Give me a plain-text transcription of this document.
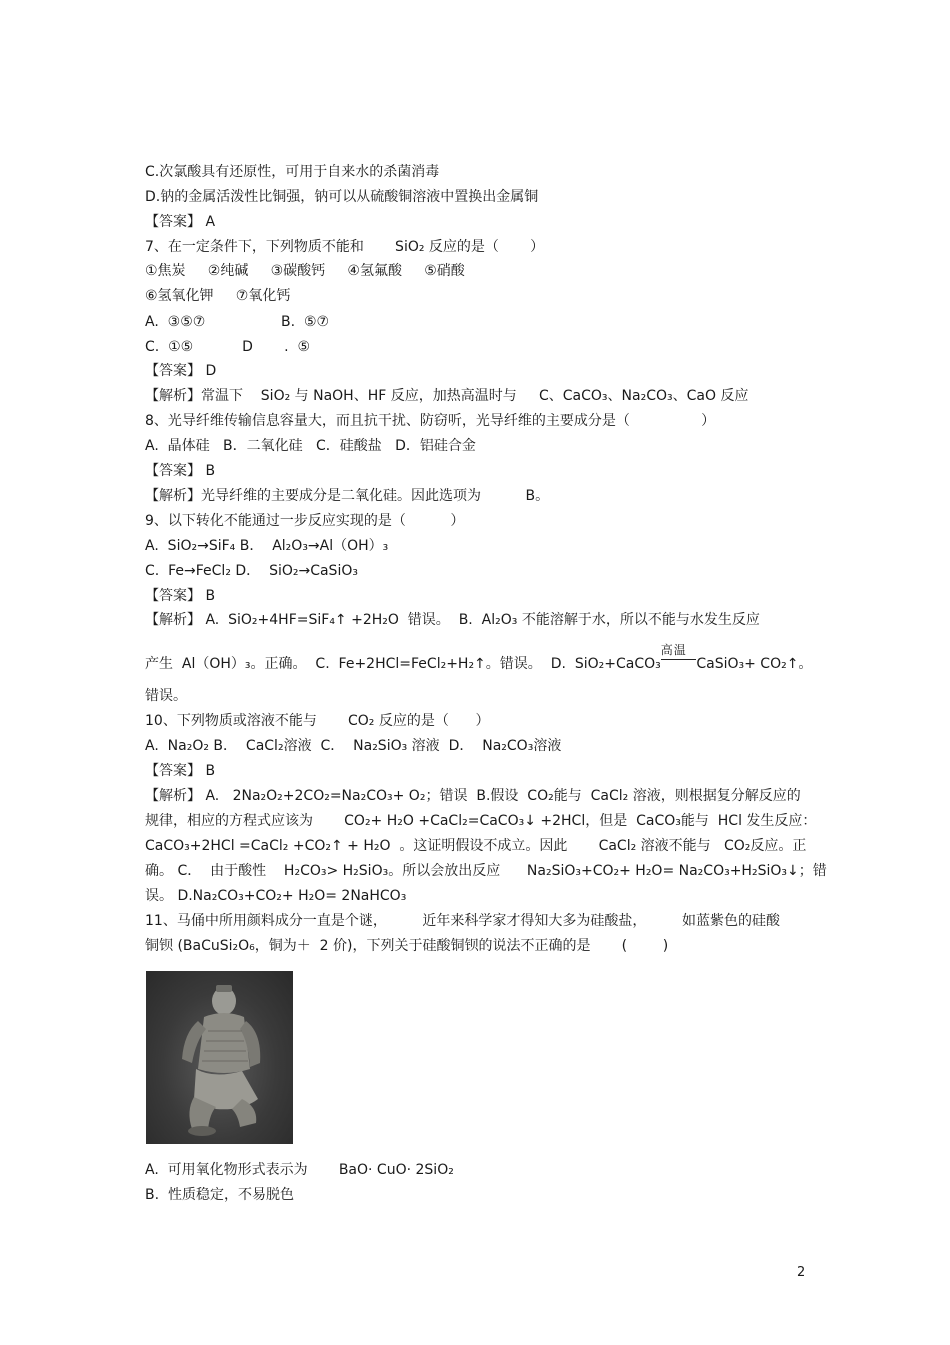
C.次氯酸具有还原性，可用于自来水的杀菌消毒
D.钠的金属活泼性比铜强，钠可以从硫酸铜溶液中置换出金属铜
【答案】 A
7、在一定条件下，下列物质不能和       SiO₂ 反应的是（       ）
①焦炭     ②纯碱     ③碳酸钙     ④氢氟酸     ⑤硝酸
⑥氢氧化钾     ⑦氧化钙
A.  ③⑤⑦                 B.  ⑤⑦
C.  ①⑤           D       .  ⑤
【答案】 D
【解析】常温下    SiO₂ 与 NaOH、HF 反应，加热高温时与     C、CaCO₃、Na₂CO₃、CaO 反应
8、光导纤维传输信息容量大，而且抗干扰、防窃听，光导纤维的主要成分是（                ）
A.  晶体硅   B．二氧化硅   C．硅酸盐   D．铝硅合金
【答案】 B
【解析】光导纤维的主要成分是二氧化硅。因此选项为          B。
9、以下转化不能通过一步反应实现的是（          ）
A.  SiO₂→SiF₄ B．  Al₂O₃→Al（OH）₃
C.  Fe→FeCl₂ D．  SiO₂→CaSiO₃
【答案】 B
【解析】 A.  SiO₂+4HF=SiF₄↑ +2H₂O  错误。  B.  Al₂O₃ 不能溶解于水，所以不能与水发生反应
产生  Al（OH）₃。正确。  C.  Fe+2HCl=FeCl₂+H₂↑。错误。  D.  SiO₂+CaCO₃
高温
CaSiO₃+ CO₂↑。
错误。
10、下列物质或溶液不能与       CO₂ 反应的是（      ）
A.  Na₂O₂ B．  CaCl₂溶液  C．  Na₂SiO₃ 溶液  D．  Na₂CO₃溶液
【答案】 B
【解析】 A.   2Na₂O₂+2CO₂=Na₂CO₃+ O₂；错误  B.假设  CO₂能与  CaCl₂ 溶液，则根据复分解反应的
规律，相应的方程式应该为       CO₂+ H₂O +CaCl₂=CaCO₃↓ +2HCl，但是  CaCO₃能与  HCl 发生反应：
CaCO₃+2HCl =CaCl₂ +CO₂↑ + H₂O  。这证明假设不成立。因此       CaCl₂ 溶液不能与   CO₂反应。正
确。 C．  由于酸性    H₂CO₃> H₂SiO₃。所以会放出反应      Na₂SiO₃+CO₂+ H₂O= Na₂CO₃+H₂SiO₃↓；错
误。 D.Na₂CO₃+CO₂+ H₂O= 2NaHCO₃
11、马俑中所用颜料成分一直是个谜，        近年来科学家才得知大多为硅酸盐，        如蓝紫色的硅酸
铜钡 (BaCuSi₂O₆，铜为＋  2 价)，下列关于硅酸铜钡的说法不正确的是       (        )
A.  可用氧化物形式表示为       BaO· CuO· 2SiO₂
B.  性质稳定，不易脱色
2
